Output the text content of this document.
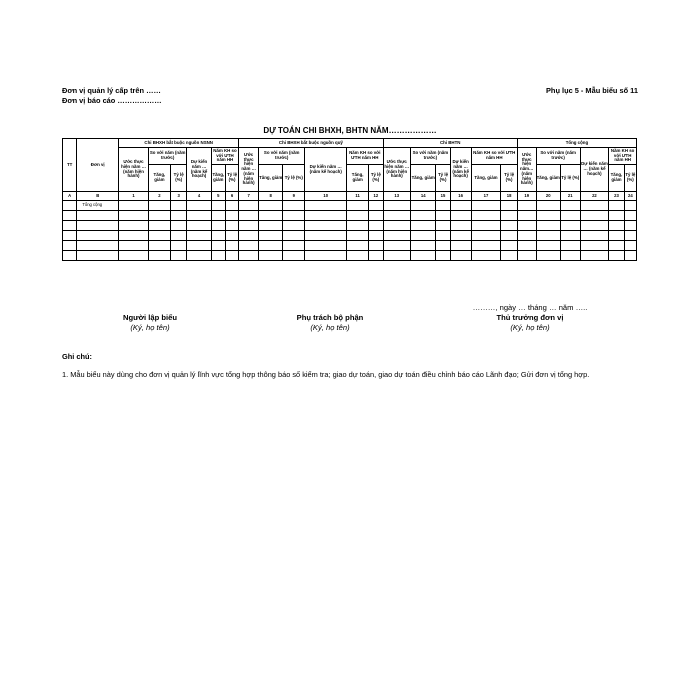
Đơn vị quản lý cấp trên ……
Đơn vị báo cáo ………………
Phụ lục 5 - Mẫu biểu số 11
DỰ TOÁN CHI BHXH, BHTN NĂM………………
TT	Đơn vị	Chi BHXH bắt buộc nguồn NSNN						Chi BHXH bắt buộc nguồn quỹ						Chi BHTN						Tổng cộng					
		Ước thực hiện năm … (năm hiện hành)	So với năm (năm trước)		Dự kiến năm … (năm kế hoạch)	Năm KH so với ƯTH năm HH		Ước thực hiện năm … (năm hiện hành)	So với năm (năm trước)		Dự kiến năm … (năm kế hoạch)	Năm KH so với ƯTH năm HH		Ước thực hiện năm … (năm hiện hành)	So với năm (năm trước)		Dự kiến năm … (năm kế hoạch)	Năm KH so với ƯTH năm HH		Ước thực hiện năm… (năm hiện hành)	So với năm (năm trước)		Dự kiến năm … (năm kế hoạch)	Năm KH so với ƯTH năm HH	
			Tăng, giảm	Tỷ lệ (%)		Tăng, giảm	Tỷ lệ (%)		Tăng, giảm	Tỷ lệ (%)		Tăng, giảm	Tỷ lệ (%)		Tăng, giảm	Tỷ lệ (%)		Tăng, giảm	Tỷ lệ (%)		Tăng, giảm	Tỷ lệ (%)		Tăng, giảm	Tỷ lệ (%)
A	B	1	2	3	4	5	6	7	8	9	10	11	12	13	14	15	16	17	18	19	20	21	22	23	24
	Tổng cộng																								

Người lập biểu
(Ký, họ tên)
Phụ trách bộ phận
(Ký, họ tên)
………, ngày … tháng … năm …..
Thủ trưởng đơn vị
(Ký, họ tên)
Ghi chú:
1. Mẫu biểu này dùng cho đơn vị quản lý lĩnh vực tổng hợp thông báo số kiểm tra; giao dự toán, giao dự toán điều chỉnh báo cáo Lãnh đạo; Gửi đơn vị tổng hợp.
